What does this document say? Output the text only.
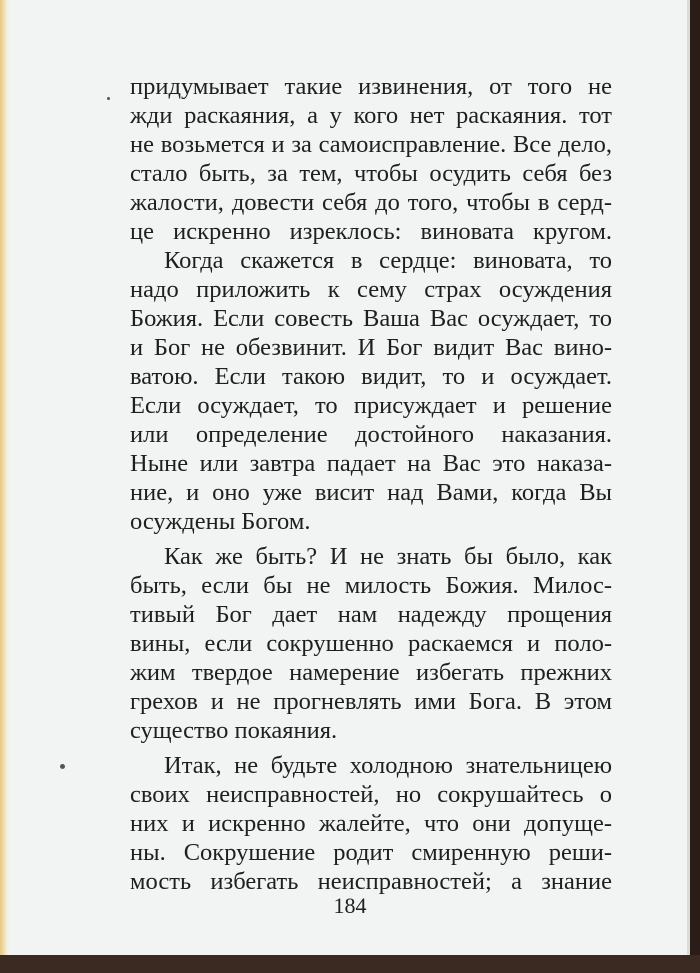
придумывает такие извинения, от того не
жди раскаяния, а у кого нет раскаяния. тот
не возьмется и за самоисправление. Все дело,
стало быть, за тем, чтобы осудить себя без
жалости, довести себя до того, чтобы в серд-
це искренно изреклось: виновата кругом.
Когда скажется в сердце: виновата, то
надо приложить к сему страх осуждения
Божия. Если совесть Ваша Вас осуждает, то
и Бог не обезвинит. И Бог видит Вас вино-
ватою. Если такою видит, то и осуждает.
Если осуждает, то присуждает и решение
или определение достойного наказания.
Ныне или завтра падает на Вас это наказа-
ние, и оно уже висит над Вами, когда Вы
осуждены Богом.
Как же быть? И не знать бы было, как
быть, если бы не милость Божия. Милос-
тивый Бог дает нам надежду прощения
вины, если сокрушенно раскаемся и поло-
жим твердое намерение избегать прежних
грехов и не прогневлять ими Бога. В этом
существо покаяния.
Итак, не будьте холодною знательницею
своих неисправностей, но сокрушайтесь о
них и искренно жалейте, что они допуще-
ны. Сокрушение родит смиренную реши-
мость избегать неисправностей; а знание
184
